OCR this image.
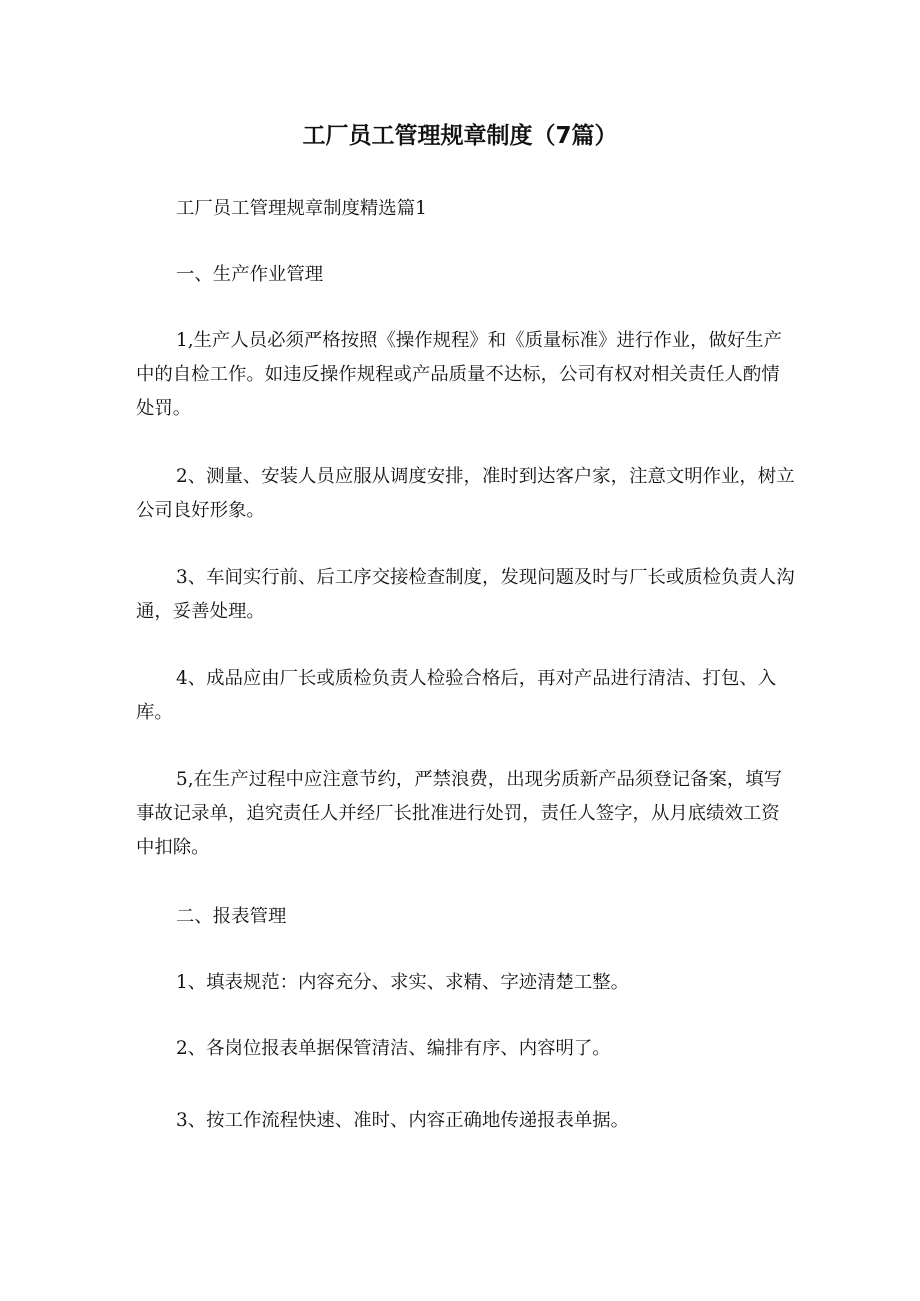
工厂员工管理规章制度（7篇）

工厂员工管理规章制度精选篇1

一、生产作业管理

1,生产人员必须严格按照《操作规程》和《质量标准》进行作业，做好生产中的自检工作。如违反操作规程或产品质量不达标，公司有权对相关责任人酌情处罚。

2、测量、安装人员应服从调度安排，准时到达客户家，注意文明作业，树立公司良好形象。

3、车间实行前、后工序交接检查制度，发现问题及时与厂长或质检负责人沟通，妥善处理。

4、成品应由厂长或质检负责人检验合格后，再对产品进行清洁、打包、入库。

5,在生产过程中应注意节约，严禁浪费，出现劣质新产品须登记备案，填写事故记录单，追究责任人并经厂长批准进行处罚，责任人签字，从月底绩效工资中扣除。

二、报表管理

1、填表规范：内容充分、求实、求精、字迹清楚工整。

2、各岗位报表单据保管清洁、编排有序、内容明了。

3、按工作流程快速、准时、内容正确地传递报表单据。
